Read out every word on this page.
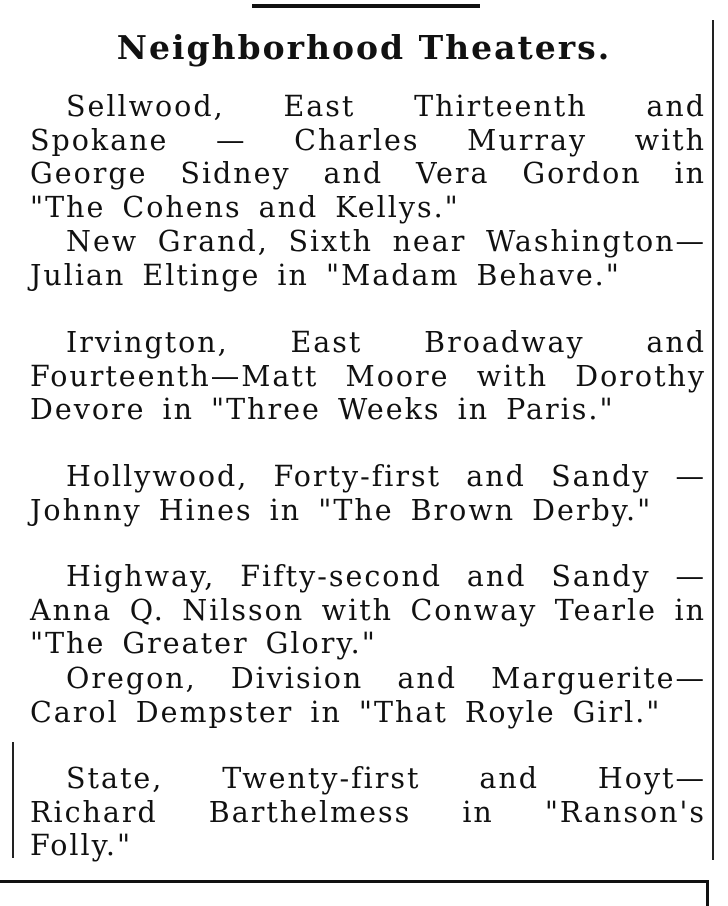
Neighborhood Theaters.

Sellwood, East Thirteenth and Spokane — Charles Murray with George Sidney and Vera Gordon in "The Cohens and Kellys."

New Grand, Sixth near Washington—Julian Eltinge in "Madam Behave."

Irvington, East Broadway and Fourteenth—Matt Moore with Dorothy Devore in "Three Weeks in Paris."

Hollywood, Forty-first and Sandy —Johnny Hines in "The Brown Derby."

Highway, Fifty-second and Sandy —Anna Q. Nilsson with Conway Tearle in "The Greater Glory."

Oregon, Division and Marguerite— Carol Dempster in "That Royle Girl."

State, Twenty-first and Hoyt— Richard Barthelmess in "Ranson's Folly."
